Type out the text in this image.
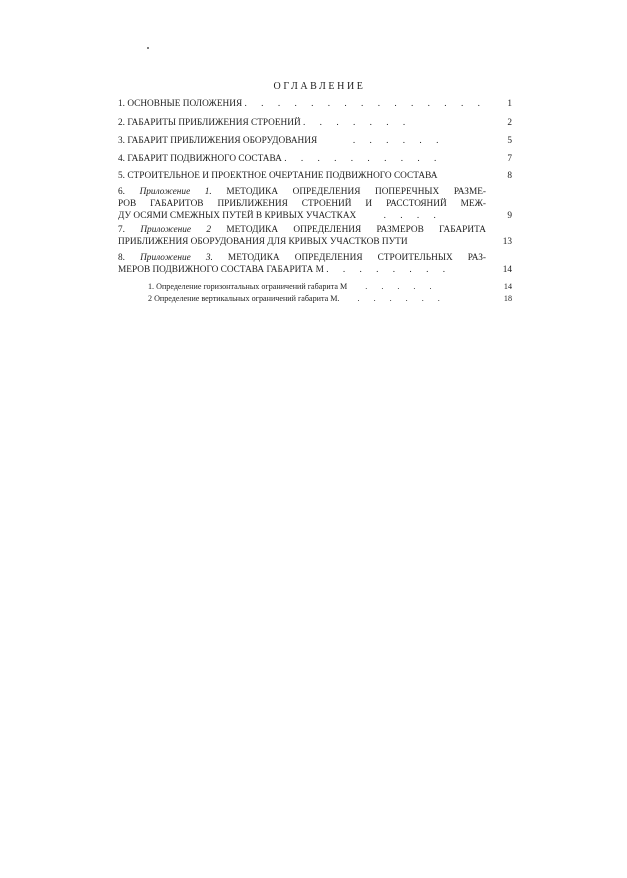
ОГЛАВЛЕНИЕ
1. ОСНОВНЫЕ ПОЛОЖЕНИЯ . . . . . . . . . . . . . . .	1
2. ГАБАРИТЫ ПРИБЛИЖЕНИЯ СТРОЕНИЙ . . . . . . .	2
3. ГАБАРИТ ПРИБЛИЖЕНИЯ ОБОРУДОВАНИЯ     . . . . . .	5
4. ГАБАРИТ ПОДВИЖНОГО СОСТАВА . . . . . . . . . .	7
5. СТРОИТЕЛЬНОЕ И ПРОЕКТНОЕ ОЧЕРТАНИЕ ПОДВИЖНОГО СОСТАВА	8
6. Приложение 1. МЕТОДИКА ОПРЕДЕЛЕНИЯ ПОПЕРЕЧНЫХ РАЗМЕ-
РОВ ГАБАРИТОВ ПРИБЛИЖЕНИЯ СТРОЕНИЙ И РАССТОЯНИЙ МЕЖ-
ДУ ОСЯМИ СМЕЖНЫХ ПУТЕЙ В КРИВЫХ УЧАСТКАХ    . . . .	9
7. Приложение 2 МЕТОДИКА ОПРЕДЕЛЕНИЯ РАЗМЕРОВ ГАБАРИТА
ПРИБЛИЖЕНИЯ ОБОРУДОВАНИЯ ДЛЯ КРИВЫХ УЧАСТКОВ ПУТИ	13
8. Приложение 3. МЕТОДИКА ОПРЕДЕЛЕНИЯ СТРОИТЕЛЬНЫХ РАЗ-
МЕРОВ ПОДВИЖНОГО СОСТАВА ГАБАРИТА М . . . . . . . .	14
1. Определение горизонтальных ограничений габарита М   . . . . .	14
2 Определение вертикальных ограничений габарита М.   . . . . . .	18
